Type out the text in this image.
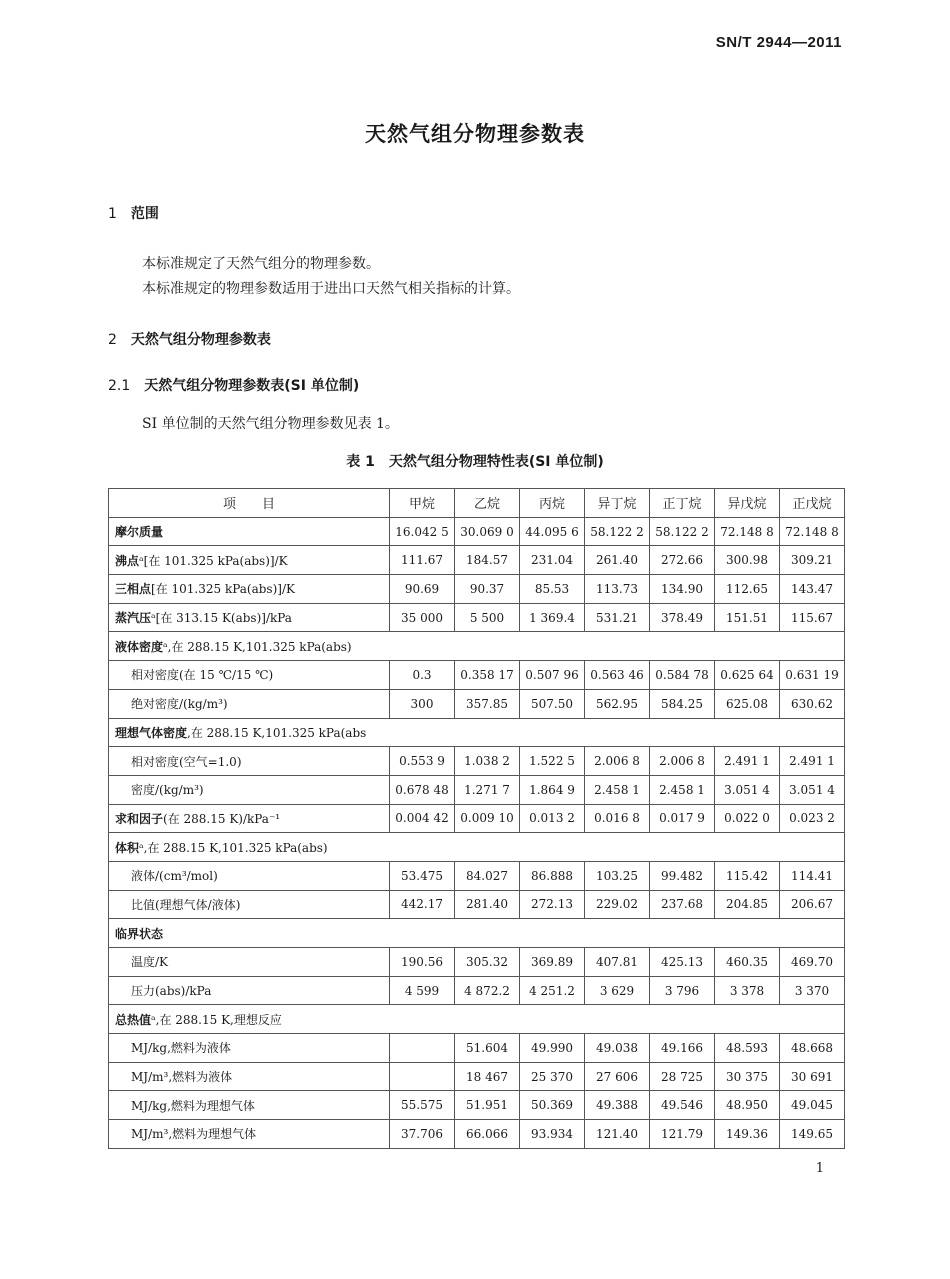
SN/T 2944—2011
天然气组分物理参数表
1 范围
本标准规定了天然气组分的物理参数。
本标准规定的物理参数适用于进出口天然气相关指标的计算。
2 天然气组分物理参数表
2.1 天然气组分物理参数表(SI 单位制)
SI 单位制的天然气组分物理参数见表 1。
表 1　天然气组分物理特性表(SI 单位制)
项　　目	甲烷	乙烷	丙烷	异丁烷	正丁烷	异戊烷	正戊烷
摩尔质量	16.042 5	30.069 0	44.095 6	58.122 2	58.122 2	72.148 8	72.148 8
沸点ᵃ[在 101.325 kPa(abs)]/K	111.67	184.57	231.04	261.40	272.66	300.98	309.21
三相点[在 101.325 kPa(abs)]/K	90.69	90.37	85.53	113.73	134.90	112.65	143.47
蒸汽压ᵃ[在 313.15 K(abs)]/kPa	35 000	5 500	1 369.4	531.21	378.49	151.51	115.67
液体密度ᵃ,在 288.15 K,101.325 kPa(abs)							
相对密度(在 15 ℃/15 ℃)	0.3	0.358 17	0.507 96	0.563 46	0.584 78	0.625 64	0.631 19
绝对密度/(kg/m³)	300	357.85	507.50	562.95	584.25	625.08	630.62
理想气体密度,在 288.15 K,101.325 kPa(abs							
相对密度(空气=1.0)	0.553 9	1.038 2	1.522 5	2.006 8	2.006 8	2.491 1	2.491 1
密度/(kg/m³)	0.678 48	1.271 7	1.864 9	2.458 1	2.458 1	3.051 4	3.051 4
求和因子(在 288.15 K)/kPa⁻¹	0.004 42	0.009 10	0.013 2	0.016 8	0.017 9	0.022 0	0.023 2
体积ᵃ,在 288.15 K,101.325 kPa(abs)							
液体/(cm³/mol)	53.475	84.027	86.888	103.25	99.482	115.42	114.41
比值(理想气体/液体)	442.17	281.40	272.13	229.02	237.68	204.85	206.67
临界状态							
温度/K	190.56	305.32	369.89	407.81	425.13	460.35	469.70
压力(abs)/kPa	4 599	4 872.2	4 251.2	3 629	3 796	3 378	3 370
总热值ᵃ,在 288.15 K,理想反应							
MJ/kg,燃料为液体		51.604	49.990	49.038	49.166	48.593	48.668
MJ/m³,燃料为液体		18 467	25 370	27 606	28 725	30 375	30 691
MJ/kg,燃料为理想气体	55.575	51.951	50.369	49.388	49.546	48.950	49.045
MJ/m³,燃料为理想气体	37.706	66.066	93.934	121.40	121.79	149.36	149.65
1
